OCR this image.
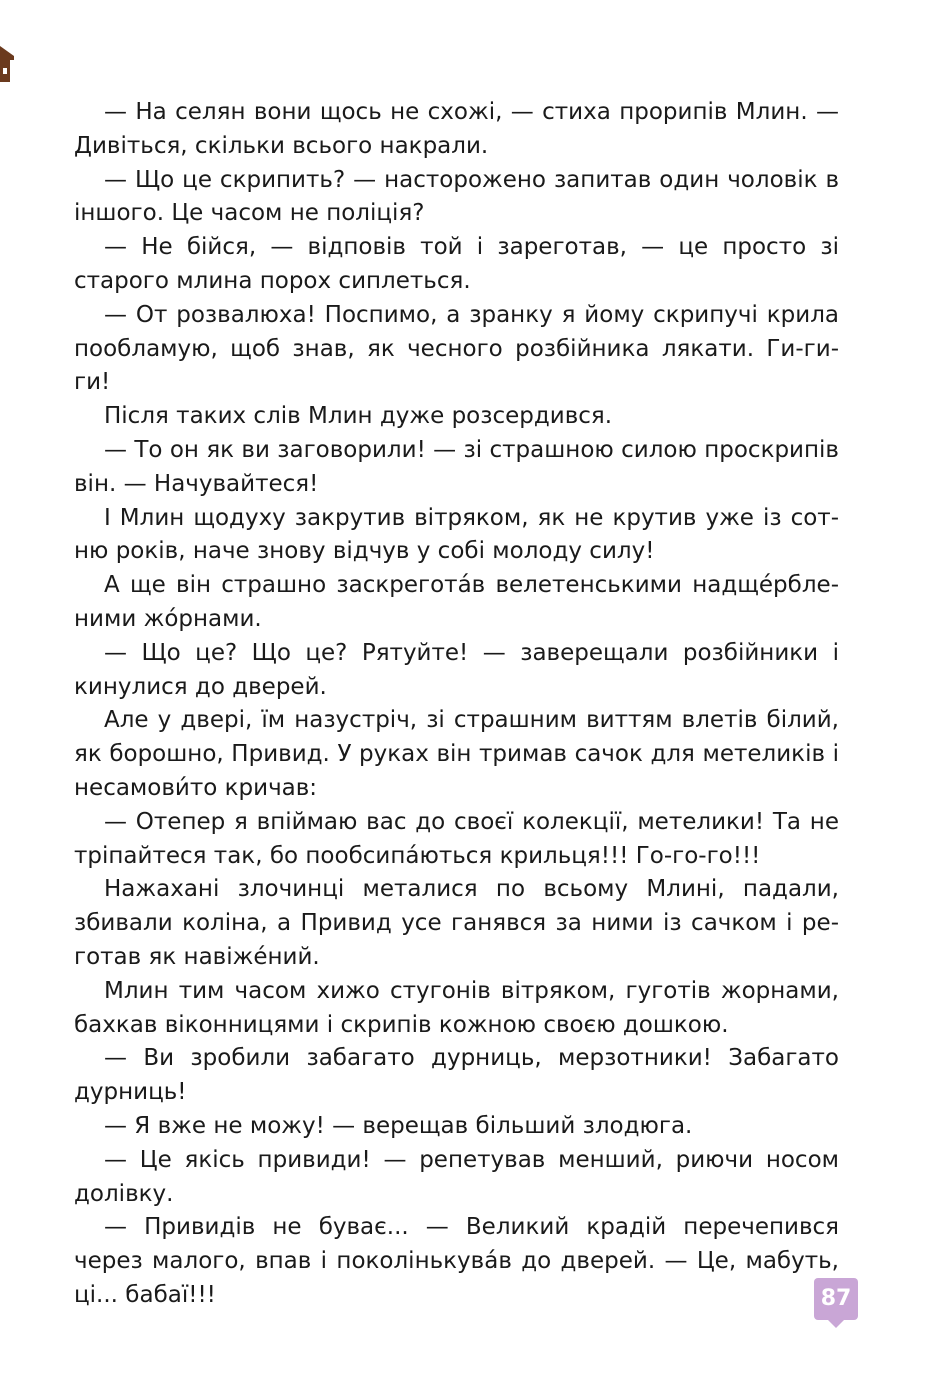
— На селян вони щось не схожі, — стиха прорипів Млин. — Дивіться, скільки всього накрали.

— Що це скрипить? — насторожено запитав один чоловік в іншого. Це часом не поліція?

— Не бійся, — відповів той і зареготав, — це просто зі старого млина порох сиплеться.

— От розвалюха! Поспимо, а зранку я йому скрипучі крила пообламую, щоб знав, як чесного розбійника лякати. Ги-ги-ги!

Після таких слів Млин дуже розсердився.

— То он як ви заговорили! — зі страшною силою проскрипів він. — Начувайтеся!

І Млин щодуху закрутив вітряком, як не крутив уже із сотню років, наче знову відчув у собі молоду силу!

А ще він страшно заскрегота́в велетенськими надще́рбленими жо́рнами.

— Що це? Що це? Рятуйте! — заверещали розбійники і кинулися до дверей.

Але у двері, їм назустріч, зі страшним виттям влетів білий, як борошно, Привид. У руках він тримав сачок для метеликів і несамови́то кричав:

— Отепер я впіймаю вас до своєї колекції, метелики! Та не тріпайтеся так, бо пообсипа́ються крильця!!! Го-го-го!!!

Нажахані злочинці металися по всьому Млині, падали, збивали коліна, а Привид усе ганявся за ними із сачком і реготав як навіже́ний.

Млин тим часом хижо стугонів вітряком, гуготів жорнами, бахкав віконницями і скрипів кожною своєю дошкою.

— Ви зробили забагато дурниць, мерзотники! Забагато дурниць!

— Я вже не можу! — верещав більший злодюга.

— Це якісь привиди! — репетував менший, риючи носом долівку.

— Привидів не буває... — Великий крадій перечепився через малого, впав і поколінькува́в до дверей. — Це, мабуть, ці... бабаї!!!	87
